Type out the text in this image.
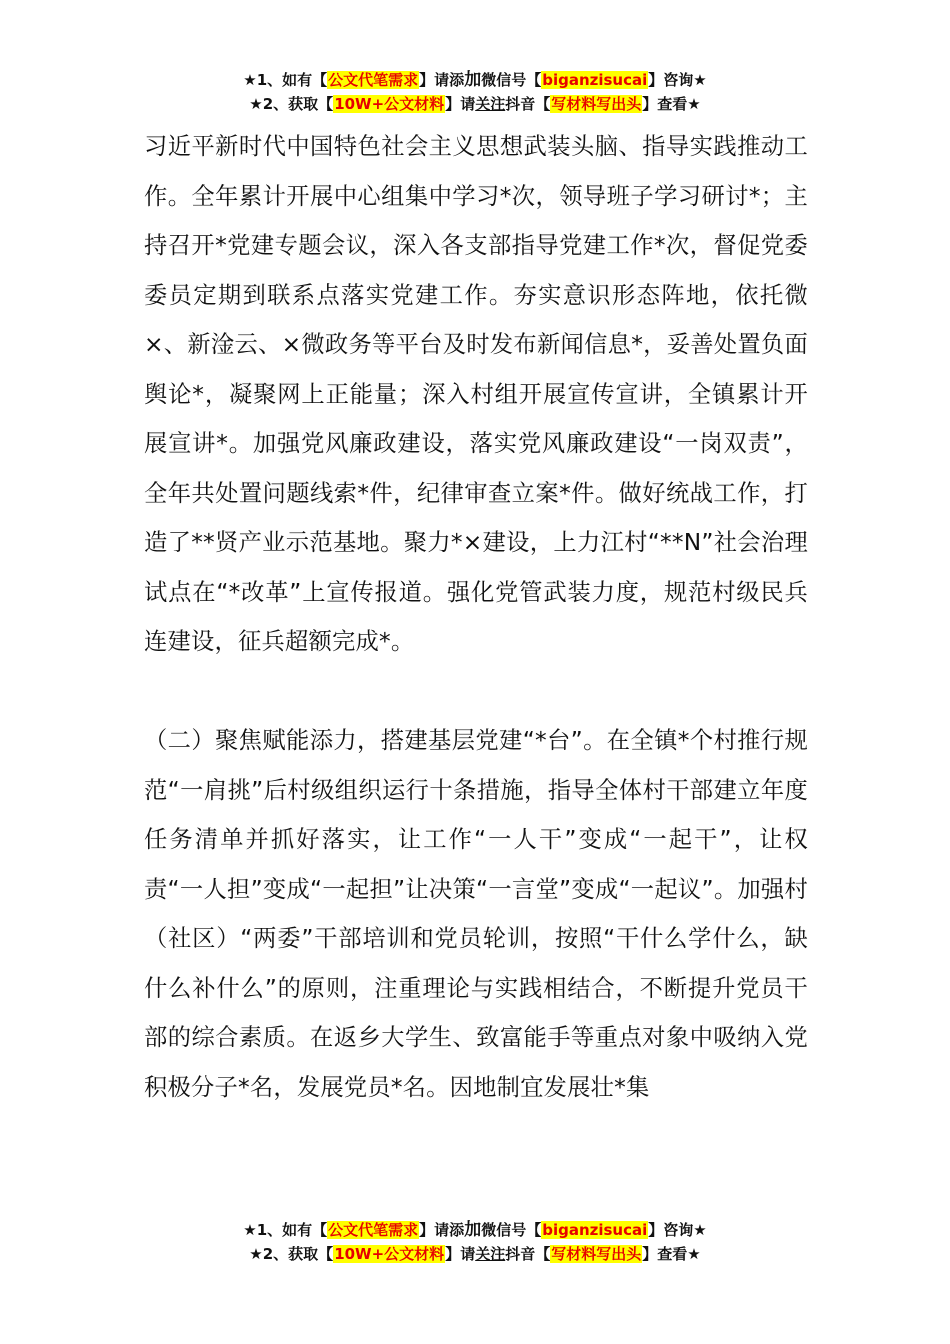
★1、如有【公文代笔需求】请添加微信号【biganzisucai】咨询★
★2、获取【10W+公文材料】请关注抖音【写材料写出头】查看★

习近平新时代中国特色社会主义思想武装头脑、指导实践推动工作。全年累计开展中心组集中学习*次，领导班子学习研讨*；主持召开*党建专题会议，深入各支部指导党建工作*次，督促党委委员定期到联系点落实党建工作。夯实意识形态阵地，依托微×、新淦云、×微政务等平台及时发布新闻信息*，妥善处置负面舆论*，凝聚网上正能量；深入村组开展宣传宣讲，全镇累计开展宣讲*。加强党风廉政建设，落实党风廉政建设“一岗双责”，全年共处置问题线索*件，纪律审查立案*件。做好统战工作，打造了**贤产业示范基地。聚力*×建设，上力江村“**N”社会治理试点在“*改革”上宣传报道。强化党管武装力度，规范村级民兵连建设，征兵超额完成*。

（二）聚焦赋能添力，搭建基层党建“*台”。在全镇*个村推行规范“一肩挑”后村级组织运行十条措施，指导全体村干部建立年度任务清单并抓好落实，让工作“一人干”变成“一起干”，让权责“一人担”变成“一起担”让决策“一言堂”变成“一起议”。加强村（社区）“两委”干部培训和党员轮训，按照“干什么学什么，缺什么补什么”的原则，注重理论与实践相结合，不断提升党员干部的综合素质。在返乡大学生、致富能手等重点对象中吸纳入党积极分子*名，发展党员*名。因地制宜发展壮*集

★1、如有【公文代笔需求】请添加微信号【biganzisucai】咨询★
★2、获取【10W+公文材料】请关注抖音【写材料写出头】查看★
